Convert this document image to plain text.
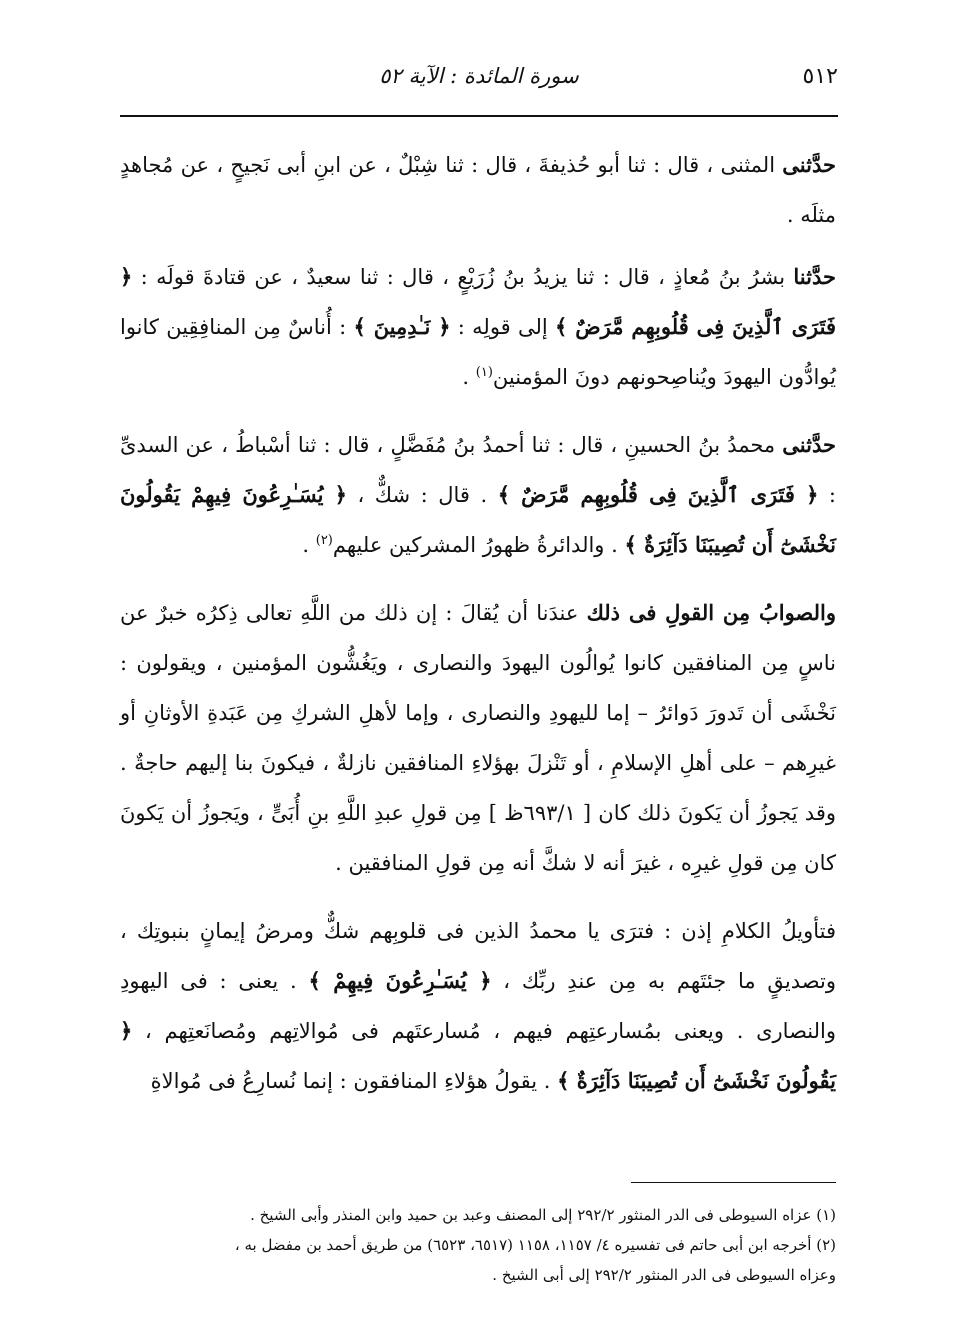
٥١٢
سورة المائدة : الآية ٥٢

حدَّثنى المثنى ، قال : ثنا أبو حُذيفةَ ، قال : ثنا شِبْلٌ ، عن ابنِ أبى نَجيحٍ ، عن مُجاهدٍ مثلَه .

حدَّثنا بشرُ بنُ مُعاذٍ ، قال : ثنا يزيدُ بنُ زُرَيْعٍ ، قال : ثنا سعيدٌ ، عن قتادةَ قولَه : ﴿ فَتَرَى ٱلَّذِينَ فِى قُلُوبِهِم مَّرَضٌ ﴾ إلى قولِه : ﴿ نَـٰدِمِينَ ﴾ : أُناسٌ مِن المنافِقِين كانوا يُوادُّون اليهودَ ويُناصِحونهم دونَ المؤمنين$^{(١)}$ .

حدَّثنى محمدُ بنُ الحسينِ ، قال : ثنا أحمدُ بنُ مُفَضَّلٍ ، قال : ثنا أسْباطُ ، عن السدىِّ : ﴿ فَتَرَى ٱلَّذِينَ فِى قُلُوبِهِم مَّرَضٌ ﴾ . قال : شكٌّ ، ﴿ يُسَـٰرِعُونَ فِيهِمْ يَقُولُونَ نَخْشَىٰٓ أَن تُصِيبَنَا دَآئِرَةٌ ﴾ . والدائرةُ ظهورُ المشركين عليهم$^{(٢)}$ .

والصوابُ مِن القولِ فى ذلك عندَنا أن يُقالَ : إن ذلك من اللَّهِ تعالى ذِكرُه خبرٌ عن ناسٍ مِن المنافقين كانوا يُوالُون اليهودَ والنصارى ، ويَغُشُّون المؤمنين ، ويقولون : نَخْشَى أن تَدورَ دَوائرُ – إما لليهودِ والنصارى ، وإما لأهلِ الشركِ مِن عَبَدةِ الأوثانِ أو غيرِهم – على أهلِ الإسلامِ ، أو تَنْزلَ بهؤلاءِ المنافقين نازلةٌ ، فيكونَ بنا إليهم حاجةٌ . وقد يَجوزُ أن يَكونَ ذلك كان [ ٦٩٣/١ظ ] مِن قولِ عبدِ اللَّهِ بنِ أُبَىٍّ ، ويَجوزُ أن يَكونَ كان مِن قولِ غيرِه ، غيرَ أنه لا شكَّ أنه مِن قولِ المنافقين .

فتأويلُ الكلامِ إذن : فترَى يا محمدُ الذين فى قلوبِهم شكٌّ ومرضُ إيمانٍ بنبوتِك ، وتصديقٍ ما جئتَهم به مِن عندِ ربِّك ، ﴿ يُسَـٰرِعُونَ فِيهِمْ ﴾ . يعنى : فى اليهودِ والنصارى . ويعنى بمُسارعتِهم فيهم ، مُسارعتَهم فى مُوالاتِهم ومُصانَعتِهم ، ﴿ يَقُولُونَ نَخْشَىٰٓ أَن تُصِيبَنَا دَآئِرَةٌ ﴾ . يقولُ هؤلاءِ المنافقون : إنما نُسارِعُ فى مُوالاةِ

(١) عزاه السيوطى فى الدر المنثور ٢٩٢/٢ إلى المصنف وعبد بن حميد وابن المنذر وأبى الشيخ .
(٢) أخرجه ابن أبى حاتم فى تفسيره ٤/ ١١٥٧، ١١٥٨ (٦٥١٧، ٦٥٢٣) من طريق أحمد بن مفضل به ،
وعزاه السيوطى فى الدر المنثور ٢٩٢/٢ إلى أبى الشيخ .
